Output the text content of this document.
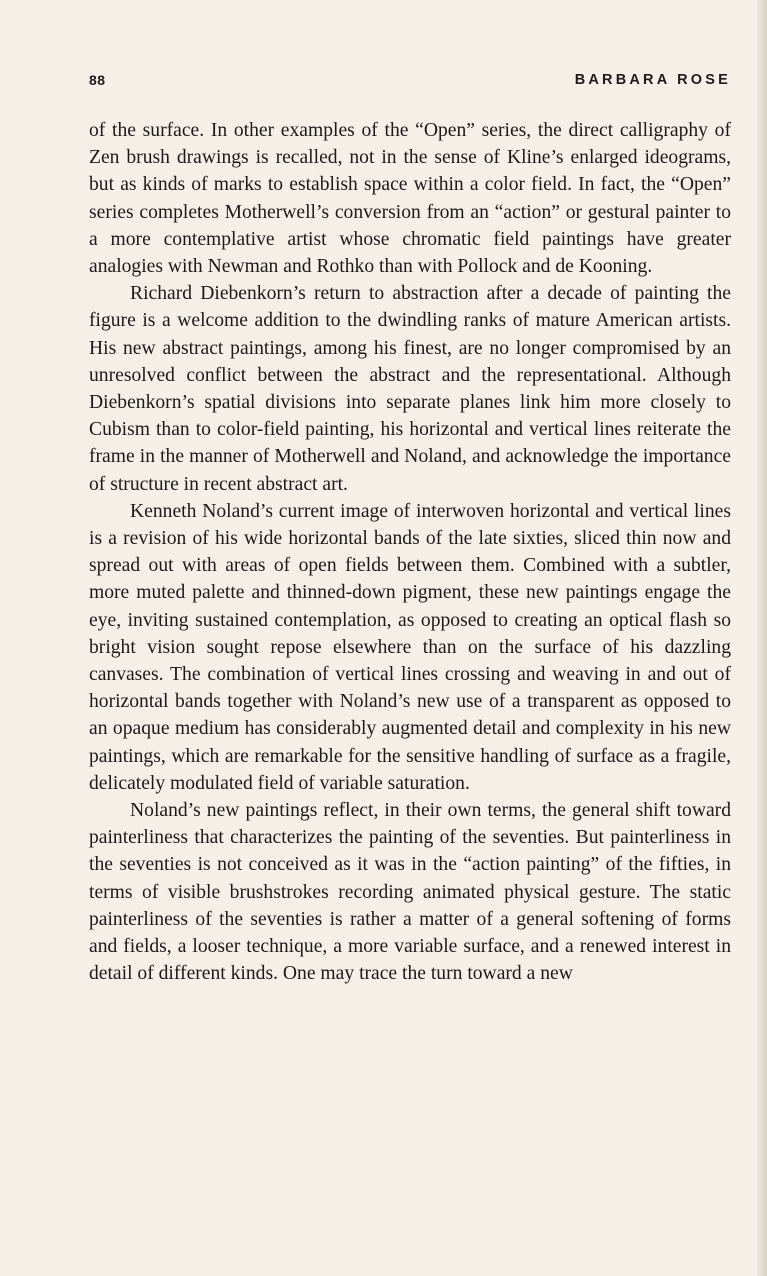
88	BARBARA ROSE

of the surface. In other examples of the “Open” series, the direct calligraphy of Zen brush drawings is recalled, not in the sense of Kline’s enlarged ideograms, but as kinds of marks to establish space within a color field. In fact, the “Open” series completes Motherwell’s conversion from an “action” or gestural painter to a more contemplative artist whose chromatic field paintings have greater analogies with Newman and Rothko than with Pollock and de Kooning.

Richard Diebenkorn’s return to abstraction after a decade of painting the figure is a welcome addition to the dwindling ranks of mature American artists. His new abstract paintings, among his finest, are no longer compromised by an unresolved conflict between the abstract and the representational. Although Diebenkorn’s spatial divisions into separate planes link him more closely to Cubism than to color-field painting, his horizontal and vertical lines reiterate the frame in the manner of Motherwell and Noland, and acknowledge the importance of structure in recent abstract art.

Kenneth Noland’s current image of interwoven horizontal and vertical lines is a revision of his wide horizontal bands of the late sixties, sliced thin now and spread out with areas of open fields between them. Combined with a subtler, more muted palette and thinned-down pigment, these new paintings engage the eye, inviting sustained contemplation, as opposed to creating an optical flash so bright vision sought repose elsewhere than on the surface of his dazzling canvases. The combination of vertical lines crossing and weaving in and out of horizontal bands together with Noland’s new use of a transparent as opposed to an opaque medium has considerably augmented detail and complexity in his new paintings, which are remarkable for the sensitive handling of surface as a fragile, delicately modulated field of variable saturation.

Noland’s new paintings reflect, in their own terms, the general shift toward painterliness that characterizes the painting of the seventies. But painterliness in the seventies is not conceived as it was in the “action painting” of the fifties, in terms of visible brushstrokes recording animated physical gesture. The static painterliness of the seventies is rather a matter of a general softening of forms and fields, a looser technique, a more variable surface, and a renewed interest in detail of different kinds. One may trace the turn toward a new
